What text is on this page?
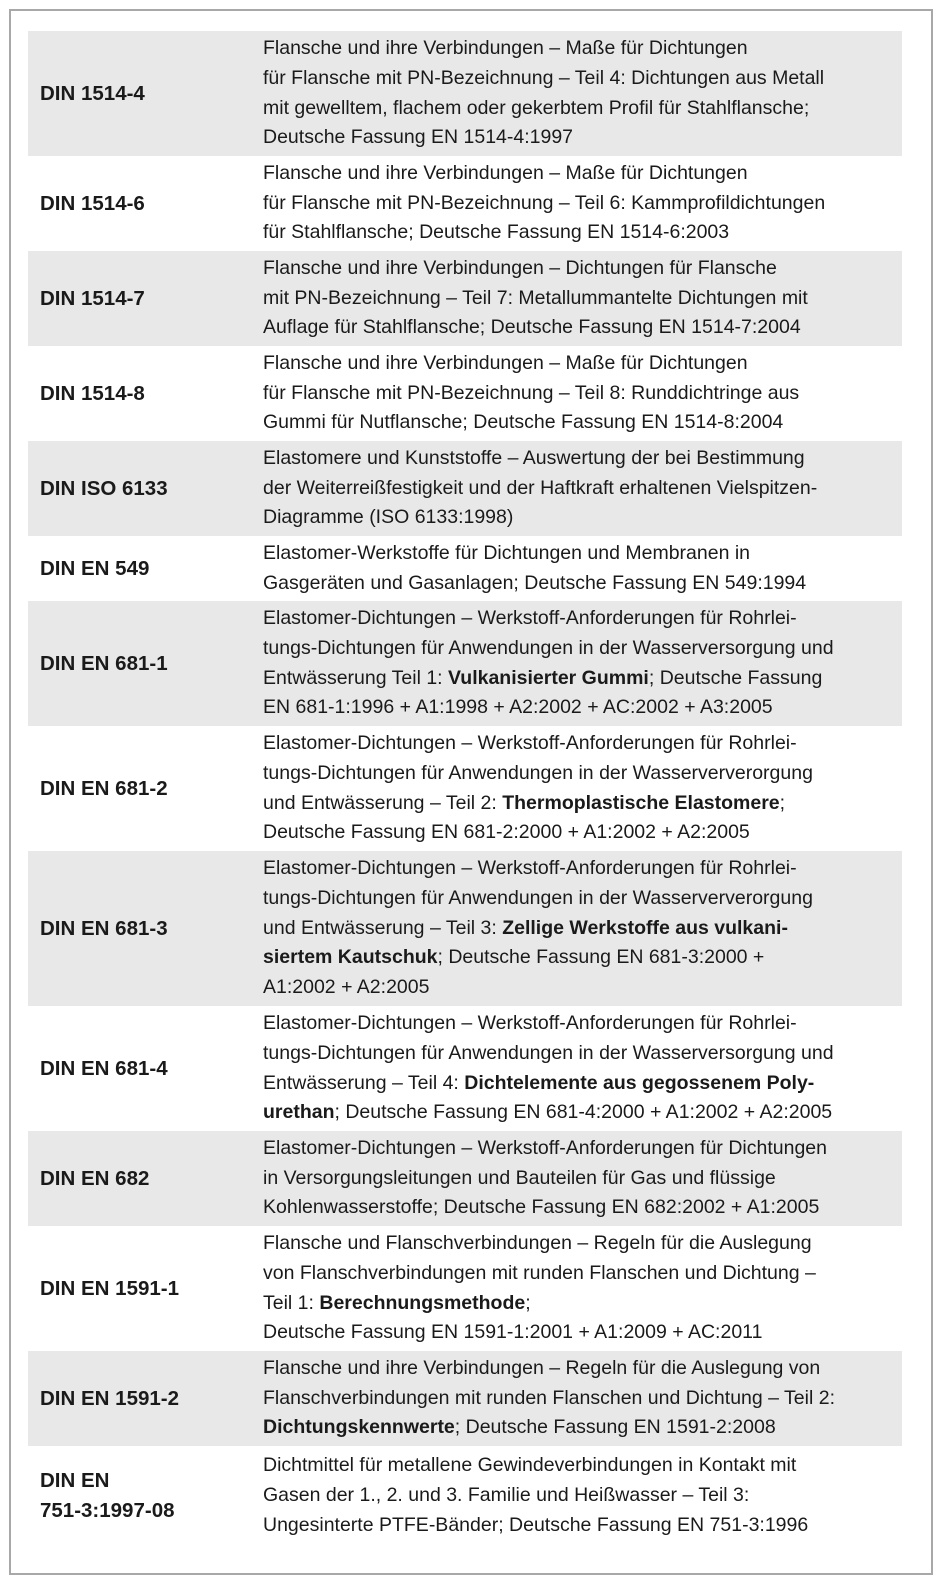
DIN 1514-4
Flansche und ihre Verbindungen – Maße für Dichtungen
für Flansche mit PN-Bezeichnung – Teil 4: Dichtungen aus Metall
mit gewelltem, flachem oder gekerbtem Profil für Stahlflansche;
Deutsche Fassung EN 1514-4:1997
DIN 1514-6
Flansche und ihre Verbindungen – Maße für Dichtungen
für Flansche mit PN-Bezeichnung – Teil 6: Kammprofildichtungen
für Stahlflansche; Deutsche Fassung EN 1514-6:2003
DIN 1514-7
Flansche und ihre Verbindungen – Dichtungen für Flansche
mit PN-Bezeichnung – Teil 7: Metallummantelte Dichtungen mit
Auflage für Stahlflansche; Deutsche Fassung EN 1514-7:2004
DIN 1514-8
Flansche und ihre Verbindungen – Maße für Dichtungen
für Flansche mit PN-Bezeichnung – Teil 8: Runddichtringe aus
Gummi für Nutflansche; Deutsche Fassung EN 1514-8:2004
DIN ISO 6133
Elastomere und Kunststoffe – Auswertung der bei Bestimmung
der Weiterreißfestigkeit und der Haftkraft erhaltenen Vielspitzen-
Diagramme (ISO 6133:1998)
DIN EN 549
Elastomer-Werkstoffe für Dichtungen und Membranen in
Gasgeräten und Gasanlagen; Deutsche Fassung EN 549:1994
DIN EN 681-1
Elastomer-Dichtungen – Werkstoff-Anforderungen für Rohrlei-
tungs-Dichtungen für Anwendungen in der Wasserversorgung und
Entwässerung Teil 1: Vulkanisierter Gummi; Deutsche Fassung
EN 681-1:1996 + A1:1998 + A2:2002 + AC:2002 + A3:2005
DIN EN 681-2
Elastomer-Dichtungen – Werkstoff-Anforderungen für Rohrlei-
tungs-Dichtungen für Anwendungen in der Wasserververorgung
und Entwässerung – Teil 2: Thermoplastische Elastomere;
Deutsche Fassung EN 681-2:2000 + A1:2002 + A2:2005
DIN EN 681-3
Elastomer-Dichtungen – Werkstoff-Anforderungen für Rohrlei-
tungs-Dichtungen für Anwendungen in der Wasserververorgung
und Entwässerung – Teil 3: Zellige Werkstoffe aus vulkani-
siertem Kautschuk; Deutsche Fassung EN 681-3:2000 +
A1:2002 + A2:2005
DIN EN 681-4
Elastomer-Dichtungen – Werkstoff-Anforderungen für Rohrlei-
tungs-Dichtungen für Anwendungen in der Wasserversorgung und
Entwässerung – Teil 4: Dichtelemente aus gegossenem Poly-
urethan; Deutsche Fassung EN 681-4:2000 + A1:2002 + A2:2005
DIN EN 682
Elastomer-Dichtungen – Werkstoff-Anforderungen für Dichtungen
in Versorgungsleitungen und Bauteilen für Gas und flüssige
Kohlenwasserstoffe; Deutsche Fassung EN 682:2002 + A1:2005
DIN EN 1591-1
Flansche und Flanschverbindungen – Regeln für die Auslegung
von Flanschverbindungen mit runden Flanschen und Dichtung –
Teil 1: Berechnungsmethode;
Deutsche Fassung EN 1591-1:2001 + A1:2009 + AC:2011
DIN EN 1591-2
Flansche und ihre Verbindungen – Regeln für die Auslegung von
Flanschverbindungen mit runden Flanschen und Dichtung – Teil 2:
Dichtungskennwerte; Deutsche Fassung EN 1591-2:2008
DIN EN
751-3:1997-08
Dichtmittel für metallene Gewindeverbindungen in Kontakt mit
Gasen der 1., 2. und 3. Familie und Heißwasser – Teil 3:
Ungesinterte PTFE-Bänder; Deutsche Fassung EN 751-3:1996
